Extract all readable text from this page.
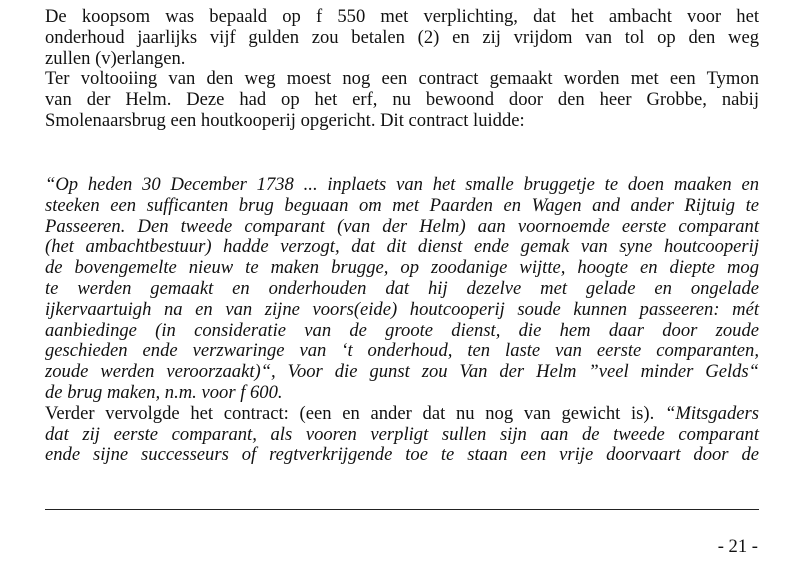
De koopsom was bepaald op f 550 met verplichting, dat het ambacht voor het
onderhoud jaarlijks vijf gulden zou betalen (2) en zij vrijdom van tol op den weg
zullen (v)erlangen.
Ter voltooiing van den weg moest nog een contract gemaakt worden met een Tymon
van der Helm. Deze had op het erf, nu bewoond door den heer Grobbe, nabij
Smolenaarsbrug een houtkooperij opgericht. Dit contract luidde:
“Op heden 30 December 1738 ... inplaets van het smalle bruggetje te doen maaken en
steeken een sufficanten brug beguaan om met Paarden en Wagen and ander Rijtuig te
Passeeren. Den tweede comparant (van der Helm) aan voornoemde eerste comparant
(het ambachtbestuur) hadde verzogt, dat dit dienst ende gemak van syne houtcooperij
de bovengemelte nieuw te maken brugge, op zoodanige wijtte, hoogte en diepte mog
te werden gemaakt en onderhouden dat hij dezelve met gelade en ongelade
ijkervaartuigh na en van zijne voors(eide) houtcooperij soude kunnen passeeren: mét
aanbiedinge (in consideratie van de groote dienst, die hem daar door zoude
geschieden ende verzwaringe van ‘t onderhoud, ten laste van eerste comparanten,
zoude werden veroorzaakt)“, Voor die gunst zou Van der Helm ”veel minder Gelds“
de brug maken, n.m. voor f 600.
Verder vervolgde het contract: (een en ander dat nu nog van gewicht is). “Mitsgaders
dat zij eerste comparant, als vooren verpligt sullen sijn aan de tweede comparant
ende sijne successeurs of regtverkrijgende toe te staan een vrije doorvaart door de
- 21 -
